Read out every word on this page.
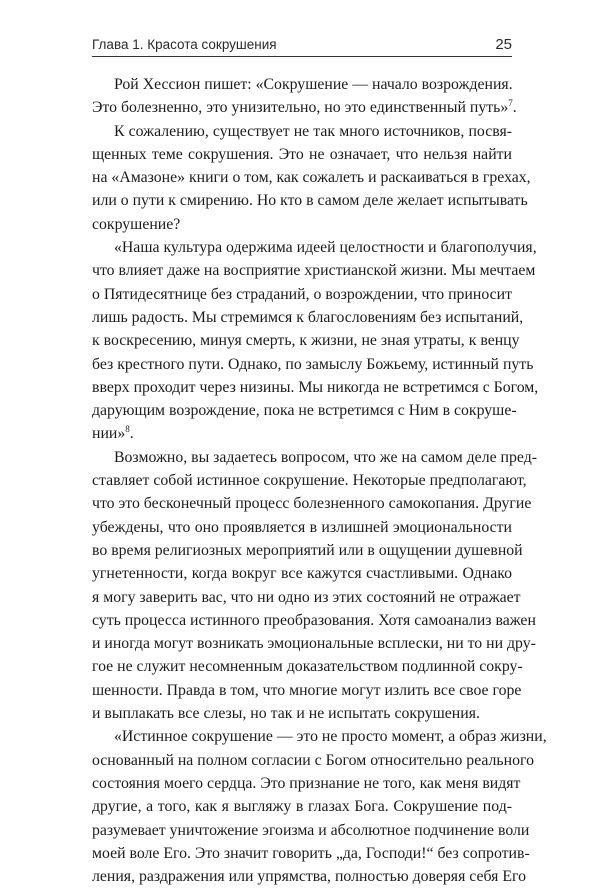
Глава 1. Красота сокрушения	25
Рой Хессион пишет: «Сокрушение — начало возрождения.
Это болезненно, это унизительно, но это единственный путь»$^7$.
К сожалению, существует не так много источников, посвя-
щенных теме сокрушения. Это не означает, что нельзя найти
на «Амазоне» книги о том, как сожалеть и раскаиваться в грехах,
или о пути к смирению. Но кто в самом деле желает испытывать
сокрушение?
«Наша культура одержима идеей целостности и благополучия,
что влияет даже на восприятие христианской жизни. Мы мечтаем
о Пятидесятнице без страданий, о возрождении, что приносит
лишь радость. Мы стремимся к благословениям без испытаний,
к воскресению, минуя смерть, к жизни, не зная утраты, к венцу
без крестного пути. Однако, по замыслу Божьему, истинный путь
вверх проходит через низины. Мы никогда не встретимся с Богом,
дарующим возрождение, пока не встретимся с Ним в сокруше-
нии»$^8$.
Возможно, вы задаетесь вопросом, что же на самом деле пред-
ставляет собой истинное сокрушение. Некоторые предполагают,
что это бесконечный процесс болезненного самокопания. Другие
убеждены, что оно проявляется в излишней эмоциональности
во время религиозных мероприятий или в ощущении душевной
угнетенности, когда вокруг все кажутся счастливыми. Однако
я могу заверить вас, что ни одно из этих состояний не отражает
суть процесса истинного преобразования. Хотя самоанализ важен
и иногда могут возникать эмоциональные всплески, ни то ни дру-
гое не служит несомненным доказательством подлинной сокру-
шенности. Правда в том, что многие могут излить все свое горе
и выплакать все слезы, но так и не испытать сокрушения.
«Истинное сокрушение — это не просто момент, а образ жизни,
основанный на полном согласии с Богом относительно реального
состояния моего сердца. Это признание не того, как меня видят
другие, а того, как я выгляжу в глазах Бога. Сокрушение под-
разумевает уничтожение эгоизма и абсолютное подчинение воли
моей воле Его. Это значит говорить „да, Господи!“ без сопротив-
ления, раздражения или упрямства, полностью доверяя себя Его
